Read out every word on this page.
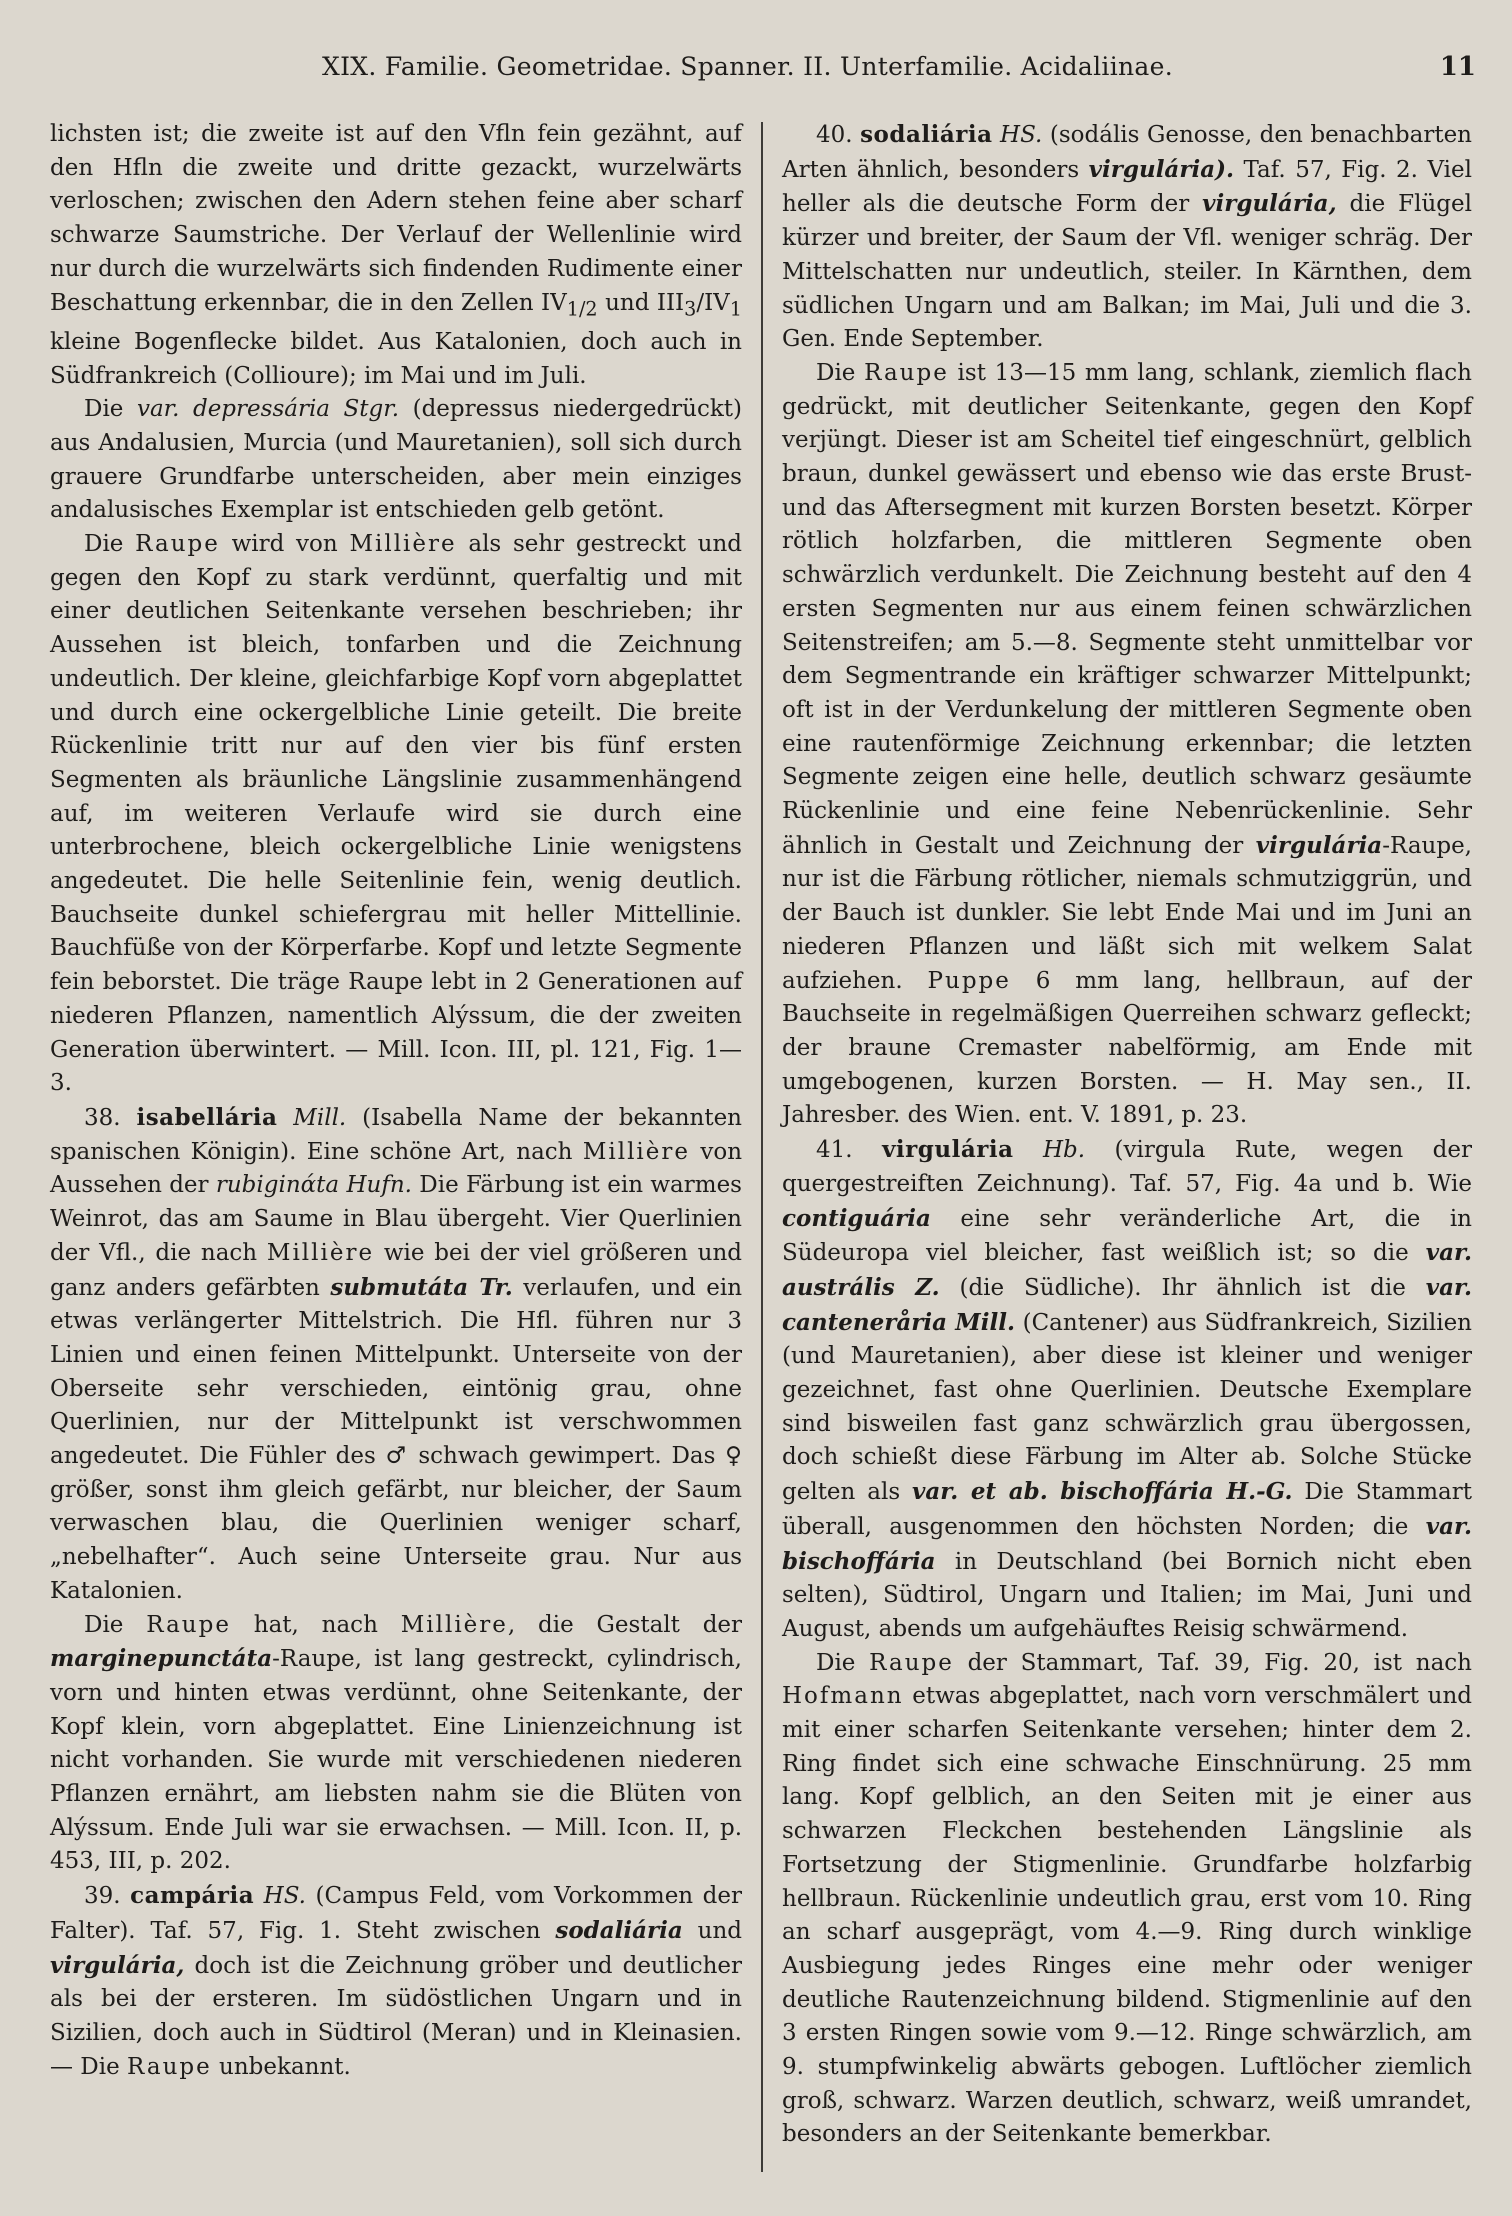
XIX. Familie. Geometridae. Spanner. II. Unterfamilie. Acidaliinae.	11

lichsten ist; die zweite ist auf den Vfln fein gezähnt, auf den Hfln die zweite und dritte gezackt, wurzelwärts verloschen; zwischen den Adern stehen feine aber scharf schwarze Saumstriche. Der Verlauf der Wellenlinie wird nur durch die wurzelwärts sich findenden Rudimente einer Beschattung erkennbar, die in den Zellen $IV_{1/2}$ und $III_3/IV_1$ kleine Bogenflecke bildet. Aus Katalonien, doch auch in Südfrankreich (Collioure); im Mai und im Juli.

Die var. depressária Stgr. (depressus niedergedrückt) aus Andalusien, Murcia (und Mauretanien), soll sich durch grauere Grundfarbe unterscheiden, aber mein einziges andalusisches Exemplar ist entschieden gelb getönt.

Die Raupe wird von Millière als sehr gestreckt und gegen den Kopf zu stark verdünnt, querfaltig und mit einer deutlichen Seitenkante versehen beschrieben; ihr Aussehen ist bleich, tonfarben und die Zeichnung undeutlich. Der kleine, gleichfarbige Kopf vorn abgeplattet und durch eine ockergelbliche Linie geteilt. Die breite Rückenlinie tritt nur auf den vier bis fünf ersten Segmenten als bräunliche Längslinie zusammenhängend auf, im weiteren Verlaufe wird sie durch eine unterbrochene, bleich ockergelbliche Linie wenigstens angedeutet. Die helle Seitenlinie fein, wenig deutlich. Bauchseite dunkel schiefergrau mit heller Mittellinie. Bauchfüße von der Körperfarbe. Kopf und letzte Segmente fein beborstet. Die träge Raupe lebt in 2 Generationen auf niederen Pflanzen, namentlich Alýssum, die der zweiten Generation überwintert. — Mill. Icon. III, pl. 121, Fig. 1—3.

38. isabellária Mill. (Isabella Name der bekannten spanischen Königin). Eine schöne Art, nach Millière von Aussehen der rubiginάta Hufn. Die Färbung ist ein warmes Weinrot, das am Saume in Blau übergeht. Vier Querlinien der Vfl., die nach Millière wie bei der viel größeren und ganz anders gefärbten submutáta Tr. verlaufen, und ein etwas verlängerter Mittelstrich. Die Hfl. führen nur 3 Linien und einen feinen Mittelpunkt. Unterseite von der Oberseite sehr verschieden, eintönig grau, ohne Querlinien, nur der Mittelpunkt ist verschwommen angedeutet. Die Fühler des ♂ schwach gewimpert. Das ♀ größer, sonst ihm gleich gefärbt, nur bleicher, der Saum verwaschen blau, die Querlinien weniger scharf, „nebelhafter“. Auch seine Unterseite grau. Nur aus Katalonien.

Die Raupe hat, nach Millière, die Gestalt der marginepunctáta-Raupe, ist lang gestreckt, cylindrisch, vorn und hinten etwas verdünnt, ohne Seitenkante, der Kopf klein, vorn abgeplattet. Eine Linienzeichnung ist nicht vorhanden. Sie wurde mit verschiedenen niederen Pflanzen ernährt, am liebsten nahm sie die Blüten von Alýssum. Ende Juli war sie erwachsen. — Mill. Icon. II, p. 453, III, p. 202.

39. campária HS. (Campus Feld, vom Vorkommen der Falter). Taf. 57, Fig. 1. Steht zwischen sodaliária und virgulária, doch ist die Zeichnung gröber und deutlicher als bei der ersteren. Im südöstlichen Ungarn und in Sizilien, doch auch in Südtirol (Meran) und in Kleinasien. — Die Raupe unbekannt.

40. sodaliária HS. (sodális Genosse, den benachbarten Arten ähnlich, besonders virgulária). Taf. 57, Fig. 2. Viel heller als die deutsche Form der virgulária, die Flügel kürzer und breiter, der Saum der Vfl. weniger schräg. Der Mittelschatten nur undeutlich, steiler. In Kärnthen, dem südlichen Ungarn und am Balkan; im Mai, Juli und die 3. Gen. Ende September.

Die Raupe ist 13—15 mm lang, schlank, ziemlich flach gedrückt, mit deutlicher Seitenkante, gegen den Kopf verjüngt. Dieser ist am Scheitel tief eingeschnürt, gelblich braun, dunkel gewässert und ebenso wie das erste Brust- und das Aftersegment mit kurzen Borsten besetzt. Körper rötlich holzfarben, die mittleren Segmente oben schwärzlich verdunkelt. Die Zeichnung besteht auf den 4 ersten Segmenten nur aus einem feinen schwärzlichen Seitenstreifen; am 5.—8. Segmente steht unmittelbar vor dem Segmentrande ein kräftiger schwarzer Mittelpunkt; oft ist in der Verdunkelung der mittleren Segmente oben eine rautenförmige Zeichnung erkennbar; die letzten Segmente zeigen eine helle, deutlich schwarz gesäumte Rückenlinie und eine feine Nebenrückenlinie. Sehr ähnlich in Gestalt und Zeichnung der virgulária-Raupe, nur ist die Färbung rötlicher, niemals schmutziggrün, und der Bauch ist dunkler. Sie lebt Ende Mai und im Juni an niederen Pflanzen und läßt sich mit welkem Salat aufziehen. Puppe 6 mm lang, hellbraun, auf der Bauchseite in regelmäßigen Querreihen schwarz gefleckt; der braune Cremaster nabelförmig, am Ende mit umgebogenen, kurzen Borsten. — H. May sen., II. Jahresber. des Wien. ent. V. 1891, p. 23.

41. virgulária Hb. (virgula Rute, wegen der quergestreiften Zeichnung). Taf. 57, Fig. 4a und b. Wie contiguária eine sehr veränderliche Art, die in Südeuropa viel bleicher, fast weißlich ist; so die var. austrális Z. (die Südliche). Ihr ähnlich ist die var. canteneråria Mill. (Cantener) aus Südfrankreich, Sizilien (und Mauretanien), aber diese ist kleiner und weniger gezeichnet, fast ohne Querlinien. Deutsche Exemplare sind bisweilen fast ganz schwärzlich grau übergossen, doch schießt diese Färbung im Alter ab. Solche Stücke gelten als var. et ab. bischoffária H.-G. Die Stammart überall, ausgenommen den höchsten Norden; die var. bischoffária in Deutschland (bei Bornich nicht eben selten), Südtirol, Ungarn und Italien; im Mai, Juni und August, abends um aufgehäuftes Reisig schwärmend.

Die Raupe der Stammart, Taf. 39, Fig. 20, ist nach Hofmann etwas abgeplattet, nach vorn verschmälert und mit einer scharfen Seitenkante versehen; hinter dem 2. Ring findet sich eine schwache Einschnürung. 25 mm lang. Kopf gelblich, an den Seiten mit je einer aus schwarzen Fleckchen bestehenden Längslinie als Fortsetzung der Stigmenlinie. Grundfarbe holzfarbig hellbraun. Rückenlinie undeutlich grau, erst vom 10. Ring an scharf ausgeprägt, vom 4.—9. Ring durch winklige Ausbiegung jedes Ringes eine mehr oder weniger deutliche Rautenzeichnung bildend. Stigmenlinie auf den 3 ersten Ringen sowie vom 9.—12. Ringe schwärzlich, am 9. stumpfwinkelig abwärts gebogen. Luftlöcher ziemlich groß, schwarz. Warzen deutlich, schwarz, weiß umrandet, besonders an der Seitenkante bemerkbar.
